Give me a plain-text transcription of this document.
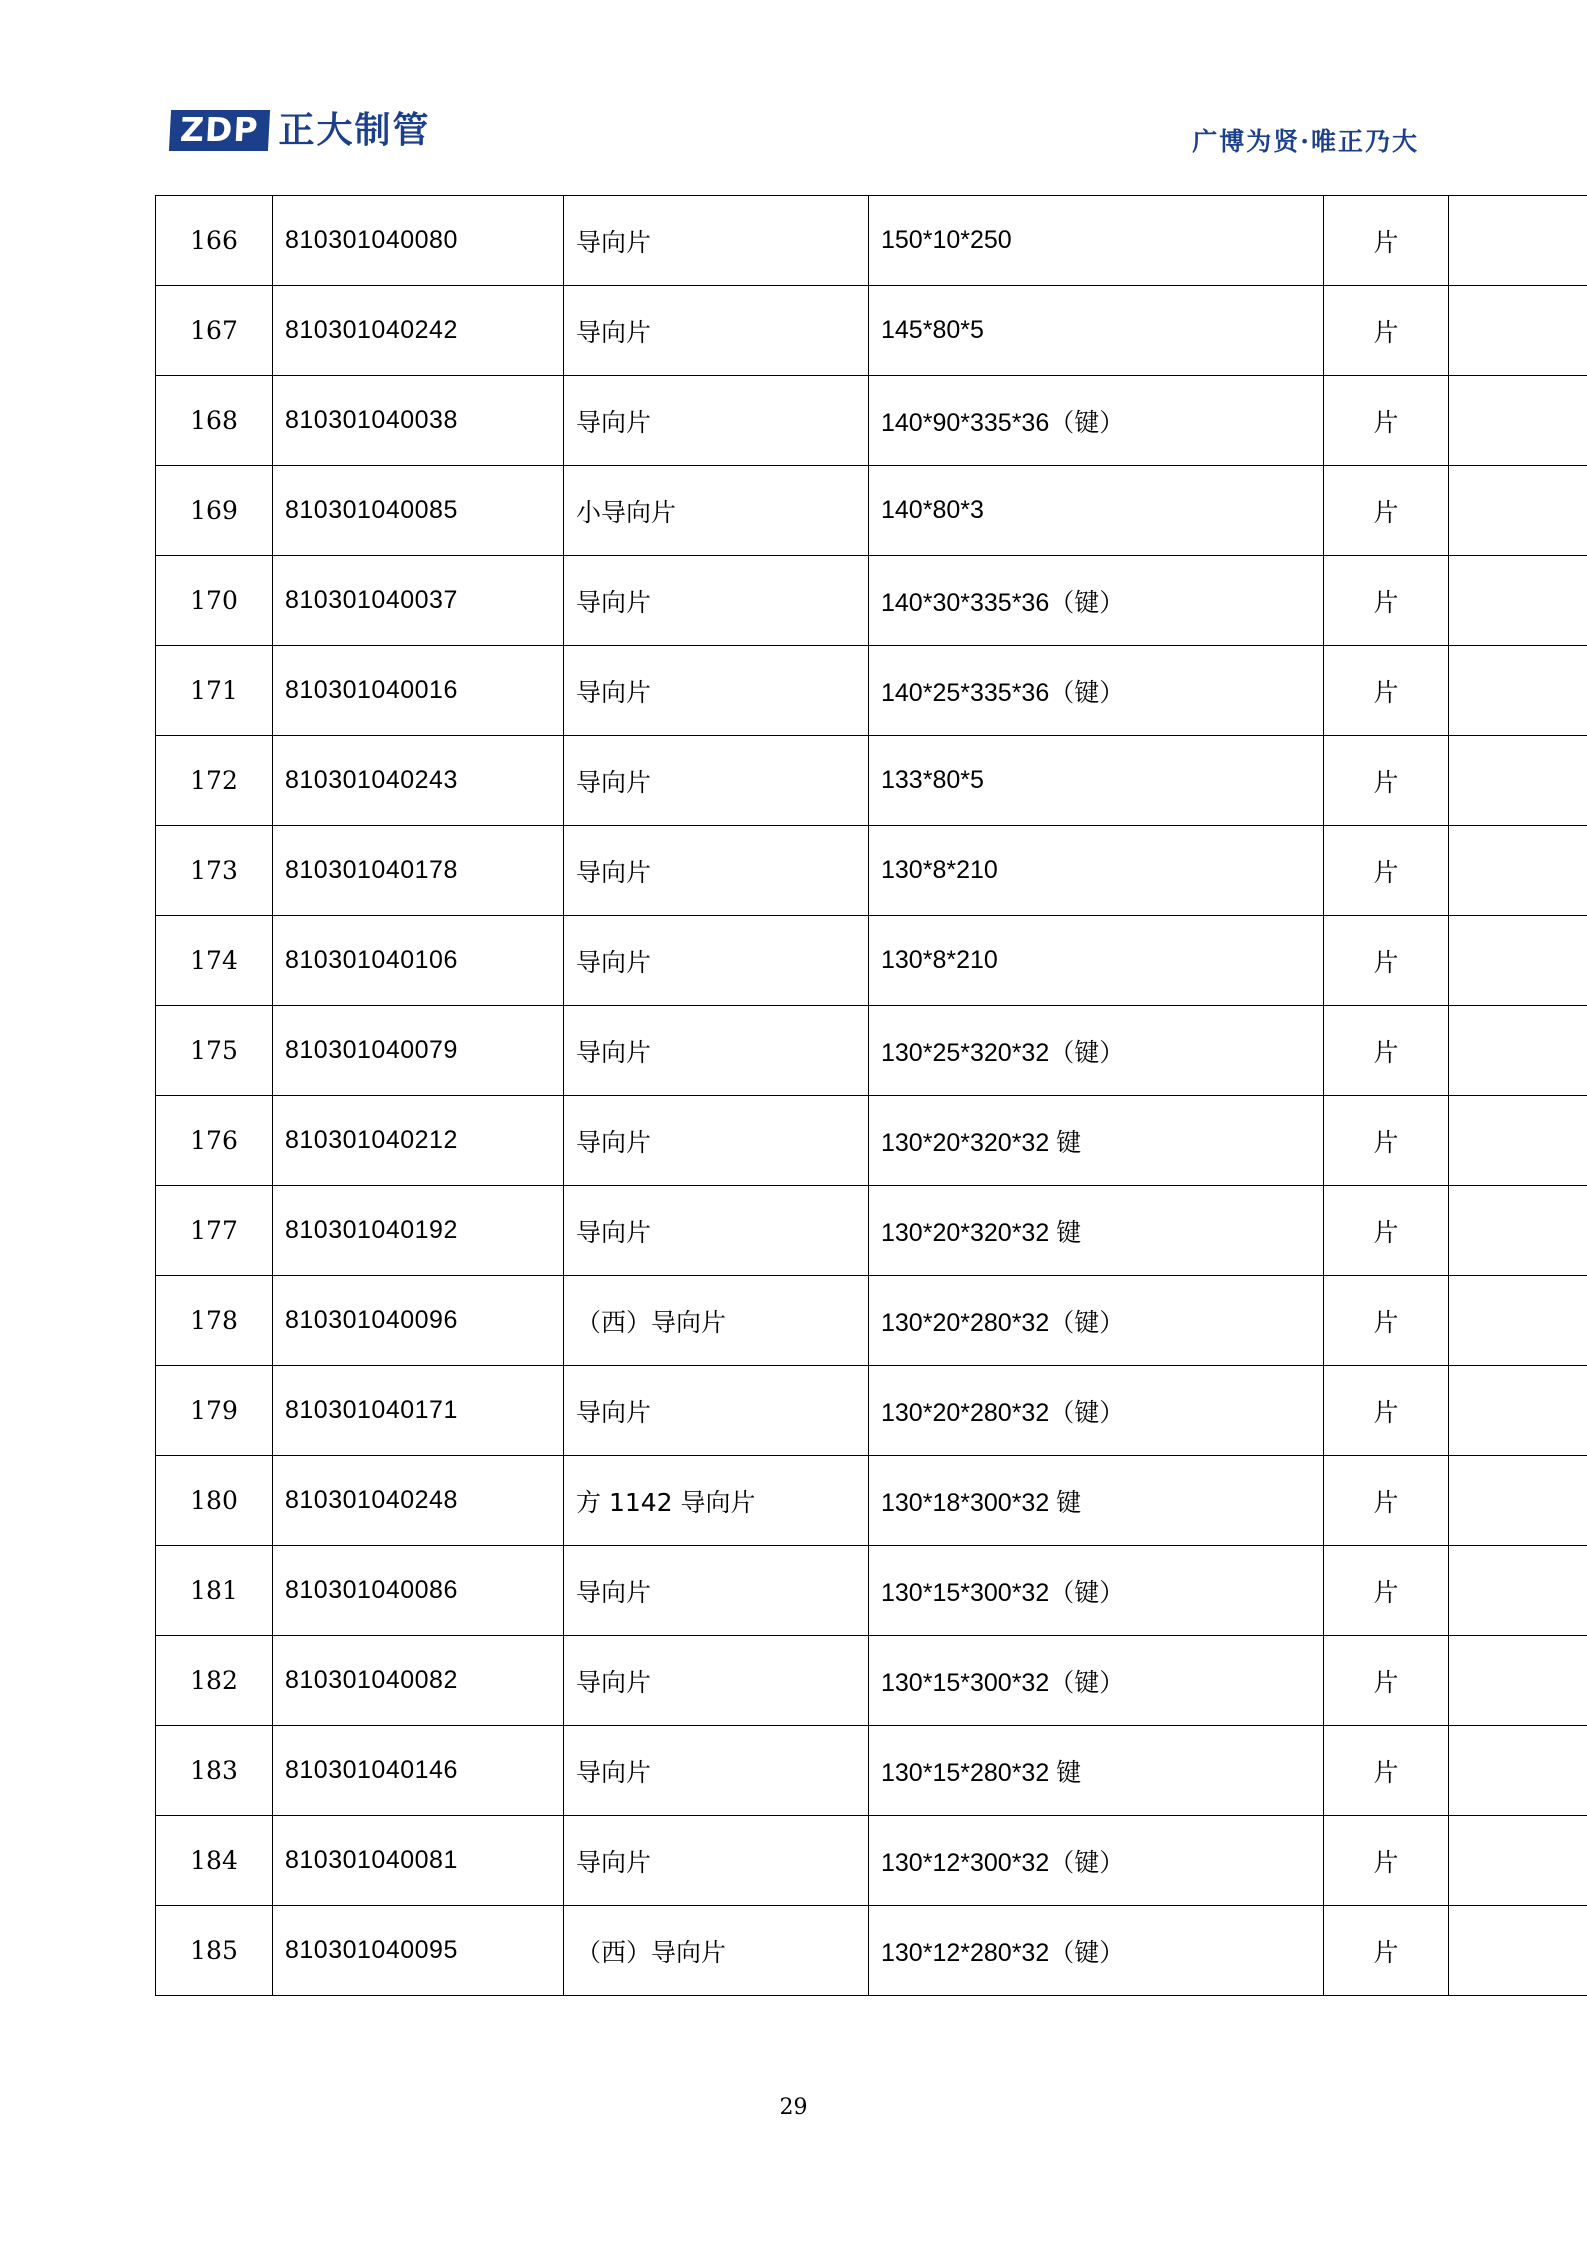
ZDP 正大制管	广博为贤·唯正乃大
166	810301040080	导向片	150*10*250	片	
167	810301040242	导向片	145*80*5	片	
168	810301040038	导向片	140*90*335*36（键）	片	
169	810301040085	小导向片	140*80*3	片	
170	810301040037	导向片	140*30*335*36（键）	片	
171	810301040016	导向片	140*25*335*36（键）	片	
172	810301040243	导向片	133*80*5	片	
173	810301040178	导向片	130*8*210	片	
174	810301040106	导向片	130*8*210	片	
175	810301040079	导向片	130*25*320*32（键）	片	
176	810301040212	导向片	130*20*320*32 键	片	
177	810301040192	导向片	130*20*320*32 键	片	
178	810301040096	（西）导向片	130*20*280*32（键）	片	
179	810301040171	导向片	130*20*280*32（键）	片	
180	810301040248	方 1142 导向片	130*18*300*32 键	片	
181	810301040086	导向片	130*15*300*32（键）	片	
182	810301040082	导向片	130*15*300*32（键）	片	
183	810301040146	导向片	130*15*280*32 键	片	
184	810301040081	导向片	130*12*300*32（键）	片	
185	810301040095	（西）导向片	130*12*280*32（键）	片	
29
